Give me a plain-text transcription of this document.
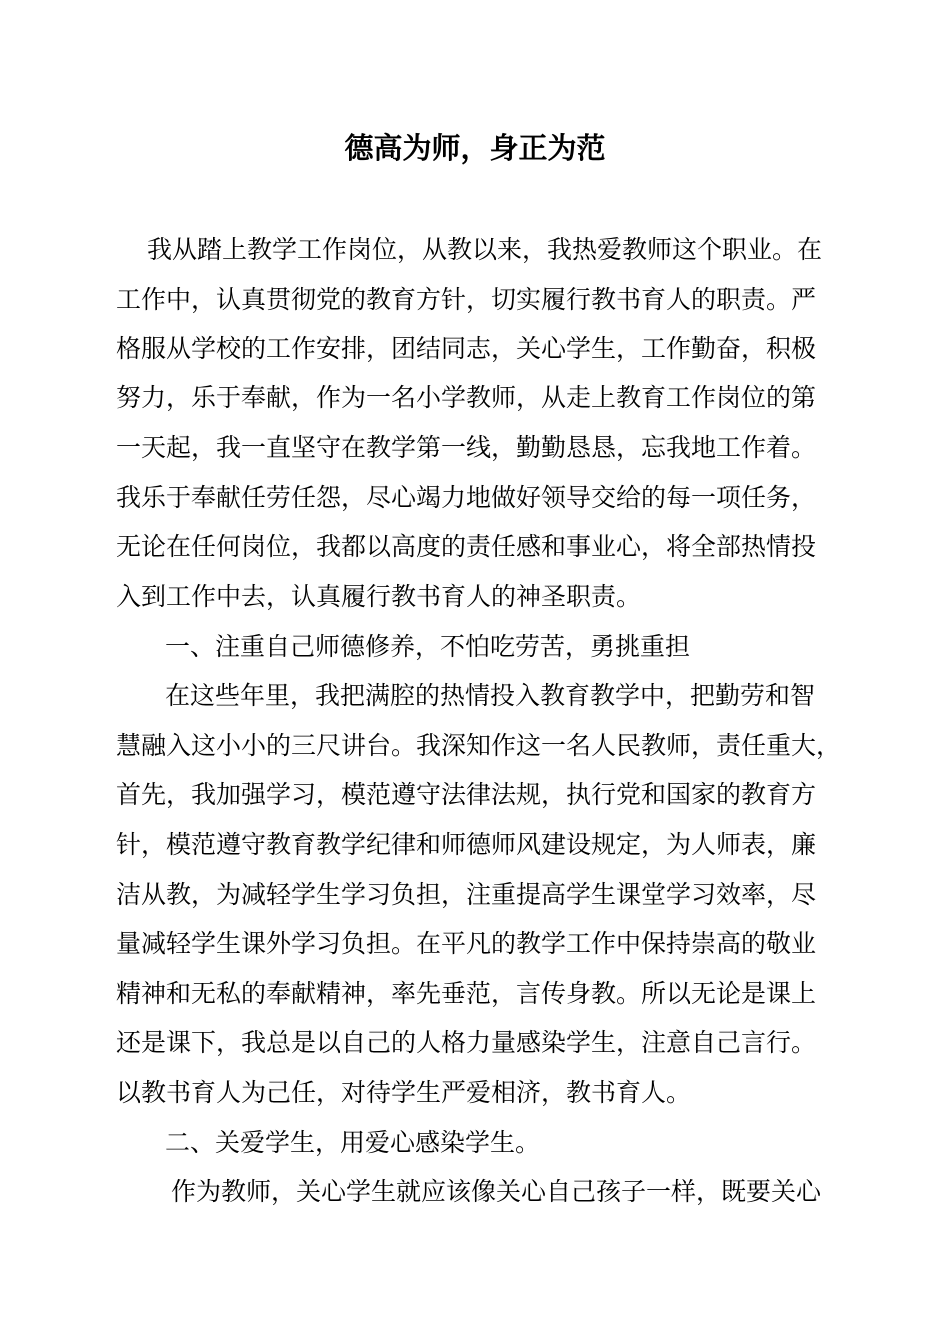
德高为师，身正为范
我从踏上教学工作岗位，从教以来，我热爱教师这个职业。在
工作中，认真贯彻党的教育方针，切实履行教书育人的职责。严
格服从学校的工作安排，团结同志，关心学生，工作勤奋，积极
努力，乐于奉献，作为一名小学教师，从走上教育工作岗位的第
一天起，我一直坚守在教学第一线，勤勤恳恳，忘我地工作着。
我乐于奉献任劳任怨，尽心竭力地做好领导交给的每一项任务，
无论在任何岗位，我都以高度的责任感和事业心，将全部热情投
入到工作中去，认真履行教书育人的神圣职责。
一、注重自己师德修养，不怕吃劳苦，勇挑重担
在这些年里，我把满腔的热情投入教育教学中，把勤劳和智
慧融入这小小的三尺讲台。我深知作这一名人民教师，责任重大，
首先，我加强学习，模范遵守法律法规，执行党和国家的教育方
针，模范遵守教育教学纪律和师德师风建设规定，为人师表，廉
洁从教，为减轻学生学习负担，注重提高学生课堂学习效率，尽
量减轻学生课外学习负担。在平凡的教学工作中保持崇高的敬业
精神和无私的奉献精神，率先垂范，言传身教。所以无论是课上
还是课下，我总是以自己的人格力量感染学生，注意自己言行。
以教书育人为己任，对待学生严爱相济，教书育人。
二、关爱学生，用爱心感染学生。
作为教师，关心学生就应该像关心自己孩子一样，既要关心
